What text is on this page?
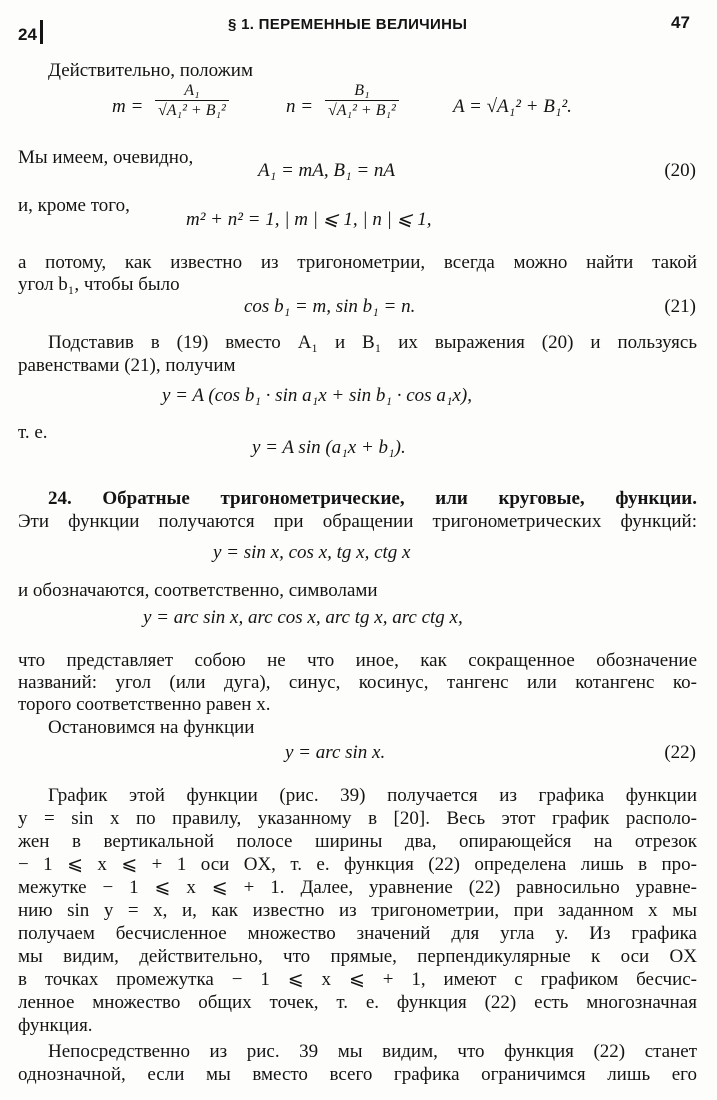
24
§ 1. ПЕРЕМЕННЫЕ ВЕЛИЧИНЫ	47
Действительно, положим
$m = \frac{\text{A₁}}{\text{√A₁² + B₁²}}$	$n = \frac{\text{B₁}}{\text{√A₁² + B₁²}}$	A = √A₁² + B₁².
Мы имеем, очевидно,
A₁ = mA, B₁ = nA	(20)
и, кроме того,
m² + n² = 1, | m | ⩽ 1, | n | ⩽ 1,
а потому, как известно из тригонометрии, всегда можно найти такой
угол b₁, чтобы было
cos b₁ = m, sin b₁ = n.	(21)
Подставив в (19) вместо A₁ и B₁ их выражения (20) и пользуясь
равенствами (21), получим
y = A (cos b₁ · sin a₁x + sin b₁ · cos a₁x),
т. е.
y = A sin (a₁x + b₁).
24. Обратные тригонометрические, или круговые, функции.
Эти функции получаются при обращении тригонометрических функций:
y = sin x, cos x, tg x, ctg x
и обозначаются, соответственно, символами
y = arc sin x, arc cos x, arc tg x, arc ctg x,
что представляет собою не что иное, как сокращенное обозначение
названий: угол (или дуга), синус, косинус, тангенс или котангенс ко-
торого соответственно равен x.
Остановимся на функции
y = arc sin x.	(22)
График этой функции (рис. 39) получается из графика функции
y = sin x по правилу, указанному в [20]. Весь этот график располо-
жен в вертикальной полосе ширины два, опирающейся на отрезок
− 1 ⩽ x ⩽ + 1 оси OX, т. е. функция (22) определена лишь в про-
межутке − 1 ⩽ x ⩽ + 1. Далее, уравнение (22) равносильно уравне-
нию sin y = x, и, как известно из тригонометрии, при заданном x мы
получаем бесчисленное множество значений для угла y. Из графика
мы видим, действительно, что прямые, перпендикулярные к оси OX
в точках промежутка − 1 ⩽ x ⩽ + 1, имеют с графиком бесчис-
ленное множество общих точек, т. е. функция (22) есть многозначная
функция.
Непосредственно из рис. 39 мы видим, что функция (22) станет
однозначной, если мы вместо всего графика ограничимся лишь его
